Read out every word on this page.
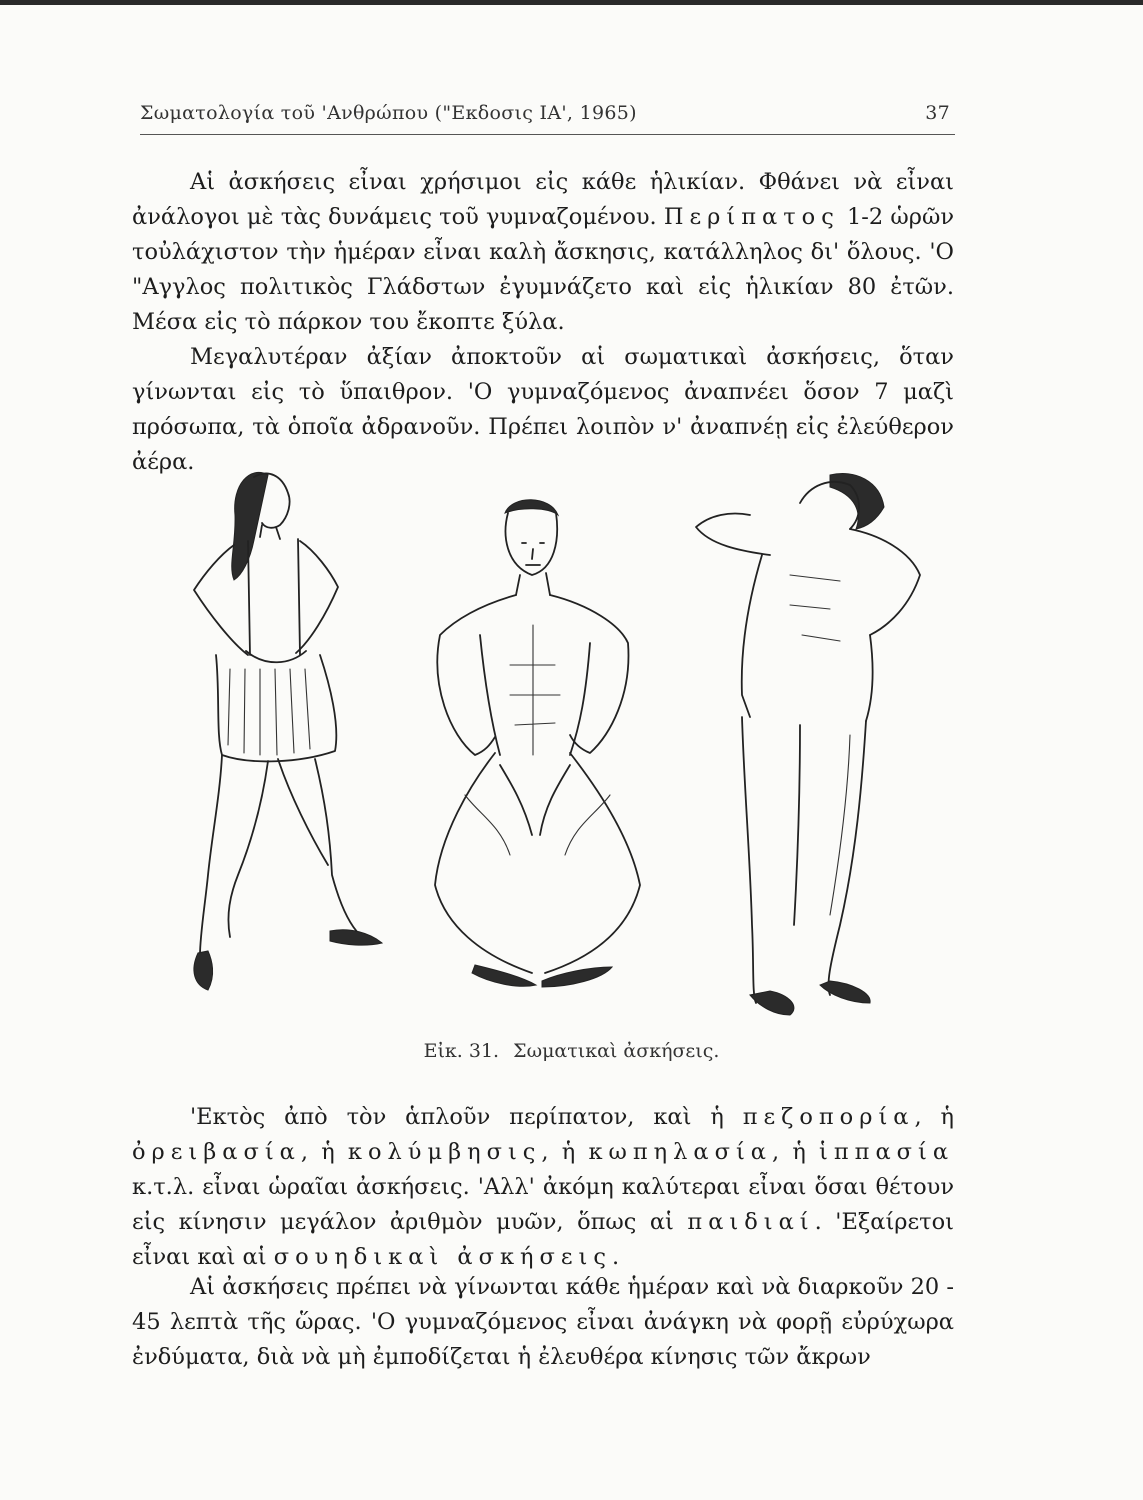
Σωματολογία τοῦ 'Ανθρώπου ("Εκδοσις ΙΑ', 1965)	37

Αἱ ἀσκήσεις εἶναι χρήσιμοι εἰς κάθε ἡλικίαν. Φθάνει νὰ εἶναι ἀνάλογοι μὲ τὰς δυνάμεις τοῦ γυμναζομένου. Περίπατος 1-2 ὡρῶν τοὐλάχιστον τὴν ἡμέραν εἶναι καλὴ ἄσκησις, κατάλληλος δι' ὅλους. 'Ο "Αγγλος πολιτικὸς Γλάδστων ἐγυμνάζετο καὶ εἰς ἡλικίαν 80 ἐτῶν. Μέσα εἰς τὸ πάρκον του ἔκοπτε ξύλα.

Μεγαλυτέραν ἀξίαν ἀποκτοῦν αἱ σωματικαὶ ἀσκήσεις, ὅταν γίνωνται εἰς τὸ ὕπαιθρον. 'Ο γυμναζόμενος ἀναπνέει ὅσον 7 μαζὶ πρόσωπα, τὰ ὁποῖα ἀδρανοῦν. Πρέπει λοιπὸν ν' ἀναπνέῃ εἰς ἐλεύθερον ἀέρα.

Εἰκ. 31. Σωματικαὶ ἀσκήσεις.

'Εκτὸς ἀπὸ τὸν ἁπλοῦν περίπατον, καὶ ἡ πεζοπορία, ἡ ὀρειβασία, ἡ κολύμβησις, ἡ κωπηλασία, ἡ ἱππασία κ.τ.λ. εἶναι ὡραῖαι ἀσκήσεις. 'Αλλ' ἀκόμη καλύτεραι εἶναι ὅσαι θέτουν εἰς κίνησιν μεγάλον ἀριθμὸν μυῶν, ὅπως αἱ παιδιαί. 'Εξαίρετοι εἶναι καὶ αἱ σουηδικαὶ ἀσκήσεις.

Αἱ ἀσκήσεις πρέπει νὰ γίνωνται κάθε ἡμέραν καὶ νὰ διαρκοῦν 20 - 45 λεπτὰ τῆς ὥρας. 'Ο γυμναζόμενος εἶναι ἀνάγκη νὰ φορῇ εὐρύχωρα ἐνδύματα, διὰ νὰ μὴ ἐμποδίζεται ἡ ἐλευθέρα κίνησις τῶν ἄκρων
